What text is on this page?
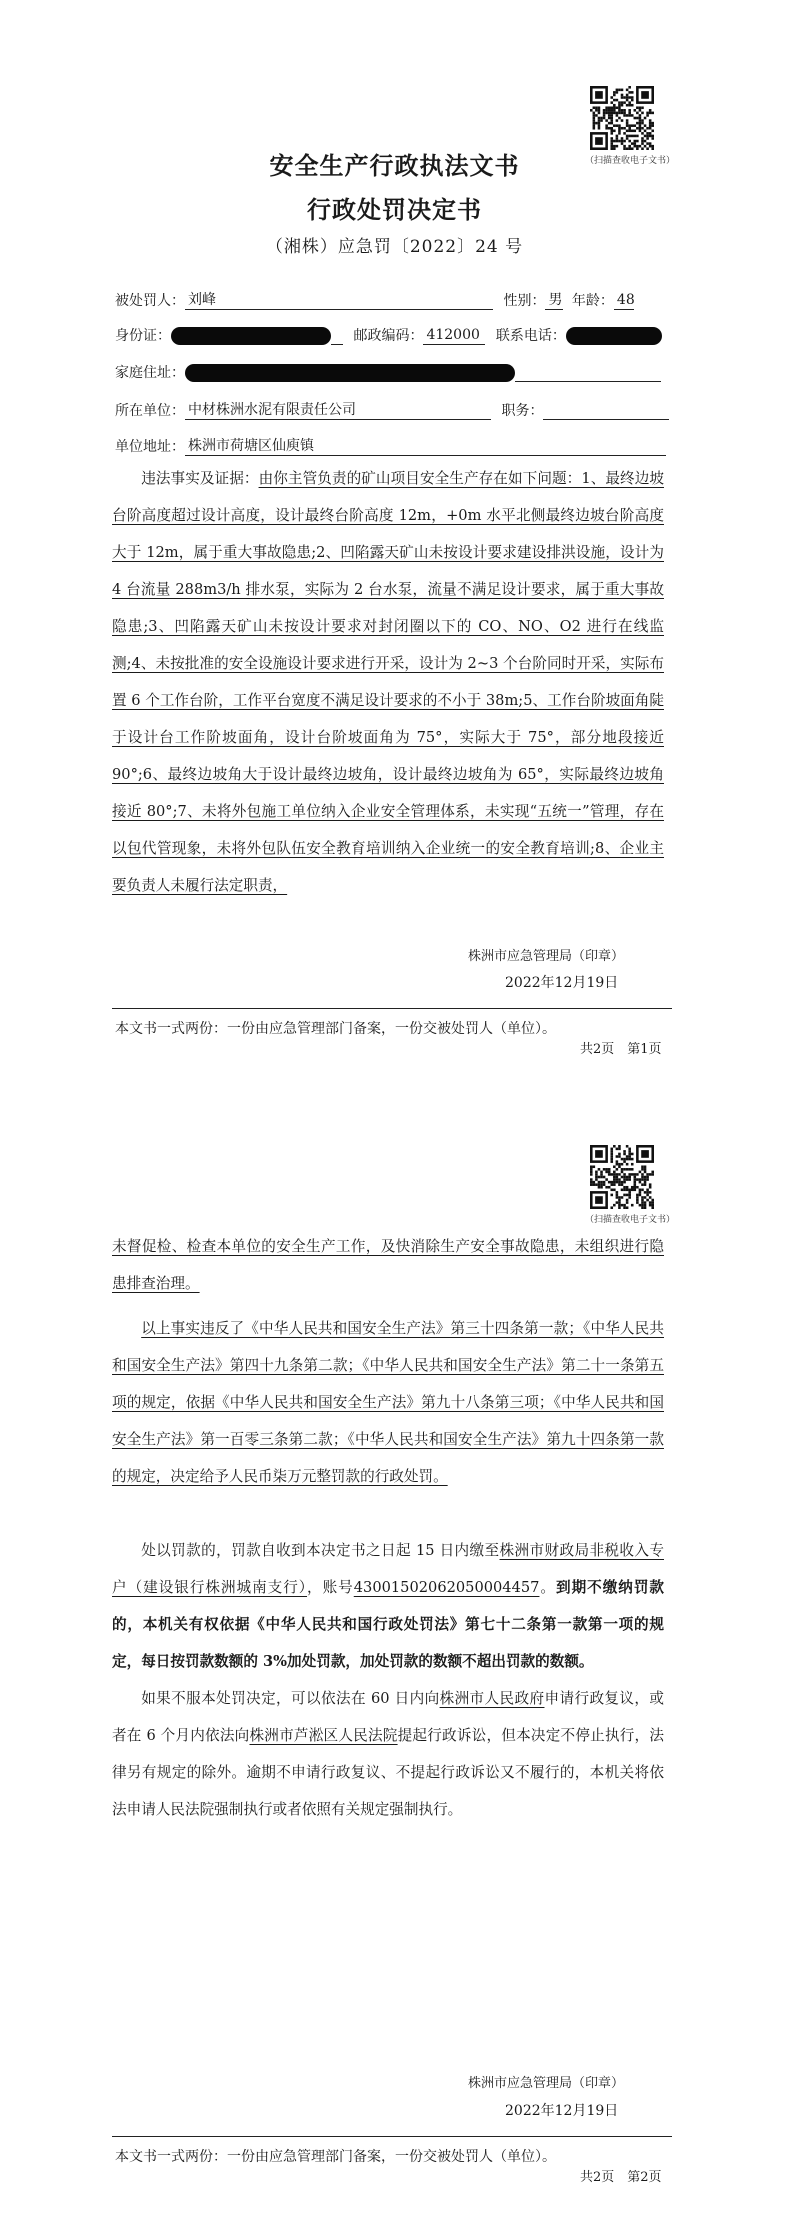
（扫描查收电子文书）
安全生产行政执法文书
行政处罚决定书
（湘株）应急罚〔2022〕24 号
被处罚人： 刘峰	性别： 男 年龄： 48
身份证：	邮政编码： 412000 联系电话：
家庭住址：
所在单位： 中材株洲水泥有限责任公司	职务：
单位地址： 株洲市荷塘区仙庾镇
违法事实及证据：由你主管负责的矿山项目安全生产存在如下问题：1、最终边坡台阶高度超过设计高度，设计最终台阶高度 12m，+0m 水平北侧最终边坡台阶高度大于 12m，属于重大事故隐患;2、凹陷露天矿山未按设计要求建设排洪设施，设计为 4 台流量 288m3/h 排水泵，实际为 2 台水泵，流量不满足设计要求，属于重大事故隐患;3、凹陷露天矿山未按设计要求对封闭圈以下的 CO、NO、O2 进行在线监测;4、未按批准的安全设施设计要求进行开采，设计为 2~3 个台阶同时开采，实际布置 6 个工作台阶，工作平台宽度不满足设计要求的不小于 38m;5、工作台阶坡面角陡于设计台工作阶坡面角，设计台阶坡面角为 75°，实际大于 75°，部分地段接近 90°;6、最终边坡角大于设计最终边坡角，设计最终边坡角为 65°，实际最终边坡角接近 80°;7、未将外包施工单位纳入企业安全管理体系，未实现“五统一”管理，存在以包代管现象，未将外包队伍安全教育培训纳入企业统一的安全教育培训;8、企业主要负责人未履行法定职责，
株洲市应急管理局（印章）
2022年12月19日
本文书一式两份：一份由应急管理部门备案，一份交被处罚人（单位）。
共2页　第1页
（扫描查收电子文书）
未督促检、检查本单位的安全生产工作，及快消除生产安全事故隐患，未组织进行隐患排查治理。
以上事实违反了《中华人民共和国安全生产法》第三十四条第一款；《中华人民共和国安全生产法》第四十九条第二款；《中华人民共和国安全生产法》第二十一条第五项的规定，依据《中华人民共和国安全生产法》第九十八条第三项；《中华人民共和国安全生产法》第一百零三条第二款；《中华人民共和国安全生产法》第九十四条第一款的规定，决定给予人民币柒万元整罚款的行政处罚。
处以罚款的，罚款自收到本决定书之日起 15 日内缴至株洲市财政局非税收入专户（建设银行株洲城南支行），账号43001502062050004457。到期不缴纳罚款的，本机关有权依据《中华人民共和国行政处罚法》第七十二条第一款第一项的规定，每日按罚款数额的 3%加处罚款，加处罚款的数额不超出罚款的数额。
如果不服本处罚决定，可以依法在 60 日内向株洲市人民政府申请行政复议，或者在 6 个月内依法向株洲市芦淞区人民法院提起行政诉讼，但本决定不停止执行，法律另有规定的除外。逾期不申请行政复议、不提起行政诉讼又不履行的，本机关将依法申请人民法院强制执行或者依照有关规定强制执行。
株洲市应急管理局（印章）
2022年12月19日
本文书一式两份：一份由应急管理部门备案，一份交被处罚人（单位）。
共2页　第2页
